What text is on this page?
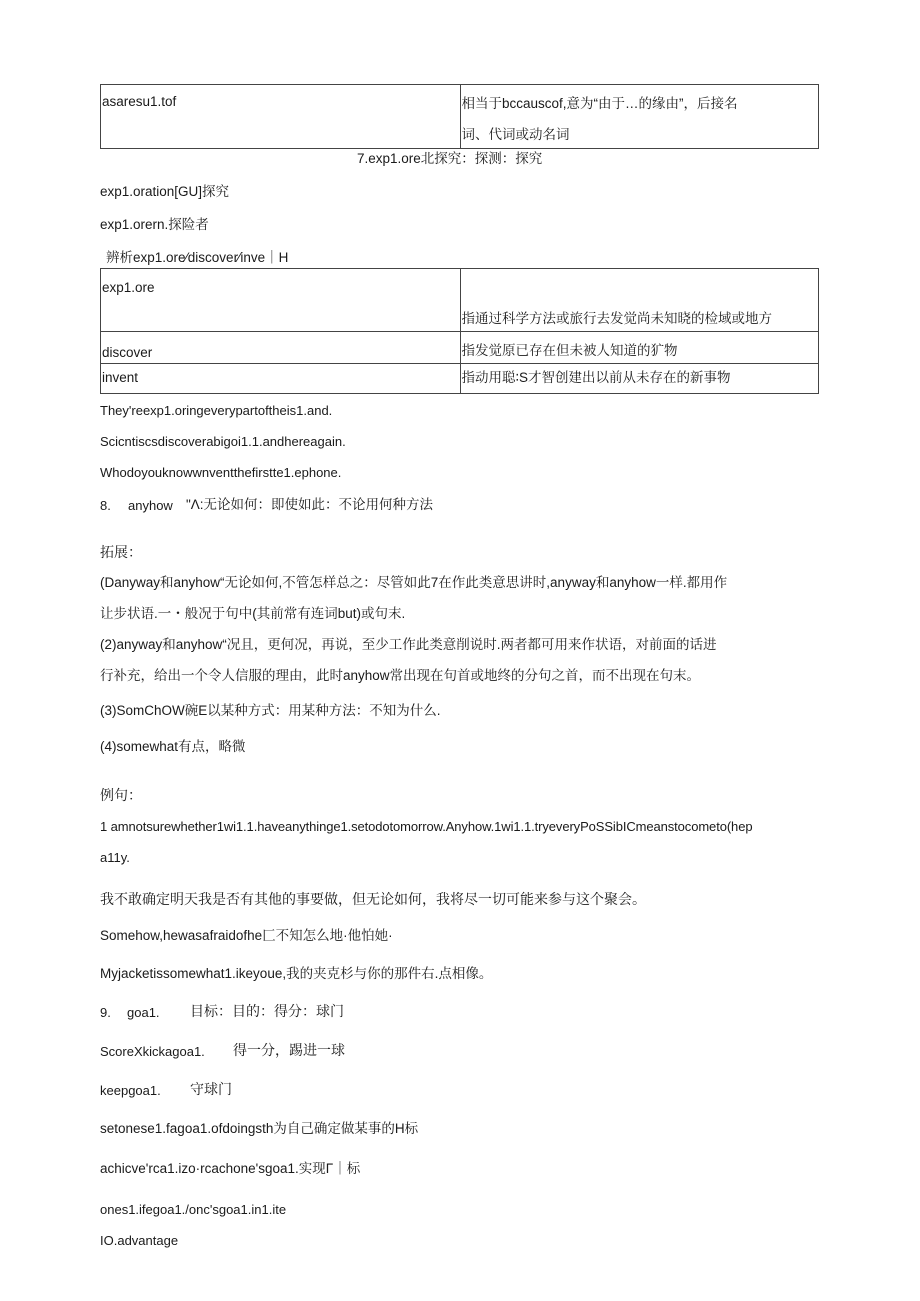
asaresu1.tof	相当于bccauscof,意为“由于…的缘由”，后接名
词、代词或动名词
7.exp1.ore北探究：探测：探究
exp1.oration[GU]探究
exp1.orern.探险者
辨析exp1.ore⁄discover⁄inve｜H
exp1.ore	指通过科学方法或旅行去发觉尚未知晓的检域或地方

discover	指发觉原已存在但未被人知道的犷物

invent	指动用聪∶S才智创建出以前从未存在的新事物
They'reexp1.oringeverypartoftheis1.and.
Scicntiscsdiscoverabigoi1.1.andhereagain.
Whodoyouknowwnventthefirstte1.ephone.
8. anyhow "Λ:无论如何：即使如此：不论用何种方法
拓展：
(Danyway和anyhow“无论如何,不管怎样总之：尽管如此7在作此类意思讲时,anyway和anyhow一样.都用作
让步状语.一・般况于句中(其前常有连词but)或句末.
(2)anyway和anyhow“况且，更何况，再说，至少工作此类意削说时.两者都可用来作状语，对前面的话进
行补充，给出一个令人信服的理由，此时anyhow常出现在句首或地终的分句之首，而不出现在句末。
(3)SomChOW碗E以某种方式：用某种方法：不知为什么.
(4)somewhat有点，略微
例句：
1 amnotsurewhether1wi1.1.haveanythinge1.setodotomorrow.Anyhow.1wi1.1.tryeveryPoSSibICmeanstocometo(hep
a11y.
我不敢确定明天我是否有其他的事要做，但无论如何，我将尽一切可能来参与这个聚会。
Somehow,hewasafraidofhe匚不知怎么地·他怕她·
Myjacketissomewhat1.ikeyoue,我的夹克杉与你的那件右.点相像。
9. goa1. 目标：目的：得分：球门
ScoreXkickagoa1. 得一分，踢进一球
keepgoa1. 守球门
setonese1.fagoa1.ofdoingsth为自己确定做某事的H标
achicve'rca1.izo·rcachone'sgoa1.实现Γ｜标
ones1.ifegoa1./onc'sgoa1.in1.ite
IO.advantage
